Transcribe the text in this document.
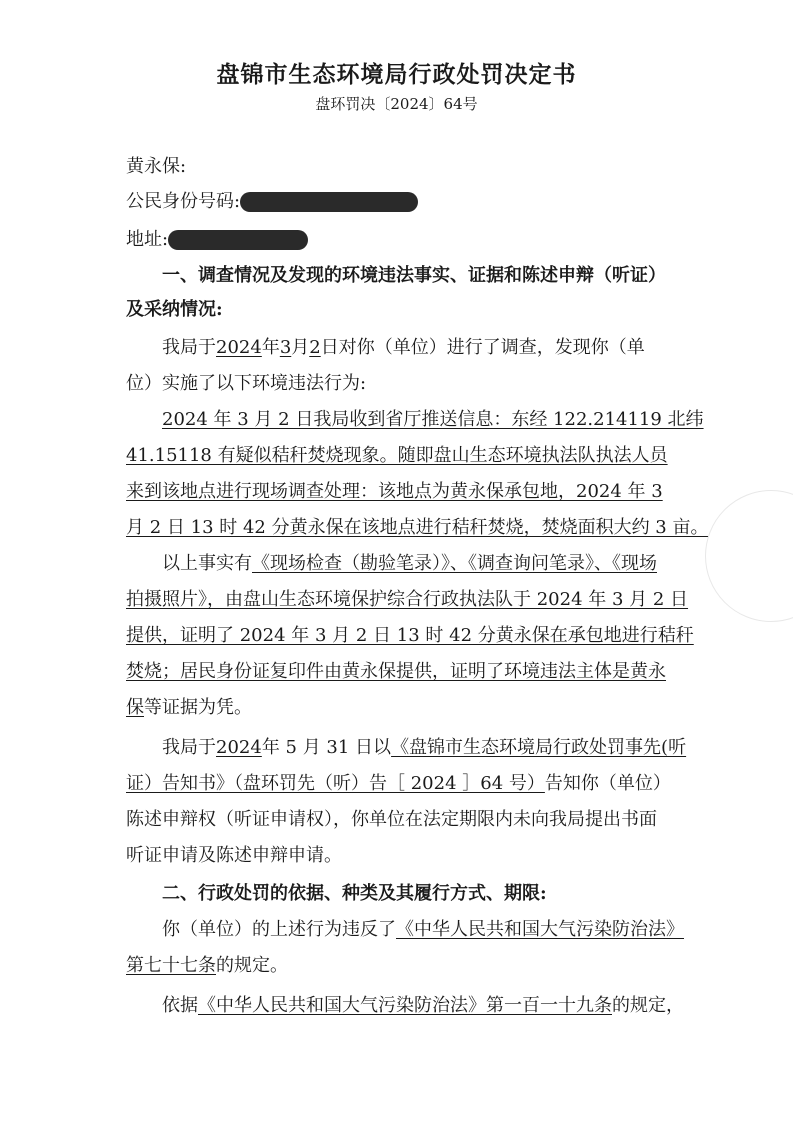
盘锦市生态环境局行政处罚决定书
盘环罚决〔2024〕64号
黄永保:
公民身份号码:
地址:
一、调查情况及发现的环境违法事实、证据和陈述申辩（听证）
及采纳情况:
我局于2024年3月2日对你（单位）进行了调查，发现你（单
位）实施了以下环境违法行为:
2024 年 3 月 2 日我局收到省厅推送信息：东经 122.214119 北纬
41.15118 有疑似秸秆焚烧现象。随即盘山生态环境执法队执法人员
来到该地点进行现场调查处理：该地点为黄永保承包地，2024 年 3
月 2 日 13 时 42 分黄永保在该地点进行秸秆焚烧，焚烧面积大约 3 亩。
以上事实有《现场检查（勘验笔录）》、《调查询问笔录》、《现场
拍摄照片》，由盘山生态环境保护综合行政执法队于 2024 年 3 月 2 日
提供，证明了 2024 年 3 月 2 日 13 时 42 分黄永保在承包地进行秸秆
焚烧；居民身份证复印件由黄永保提供，证明了环境违法主体是黄永
保等证据为凭。
我局于2024年 5 月 31 日以《盘锦市生态环境局行政处罚事先(听
证）告知书》（盘环罚先（听）告［ 2024 ］64 号）告知你（单位）
陈述申辩权（听证申请权），你单位在法定期限内未向我局提出书面
听证申请及陈述申辩申请。
二、行政处罚的依据、种类及其履行方式、期限:
你（单位）的上述行为违反了《中华人民共和国大气污染防治法》
第七十七条的规定。
依据《中华人民共和国大气污染防治法》第一百一十九条的规定，
